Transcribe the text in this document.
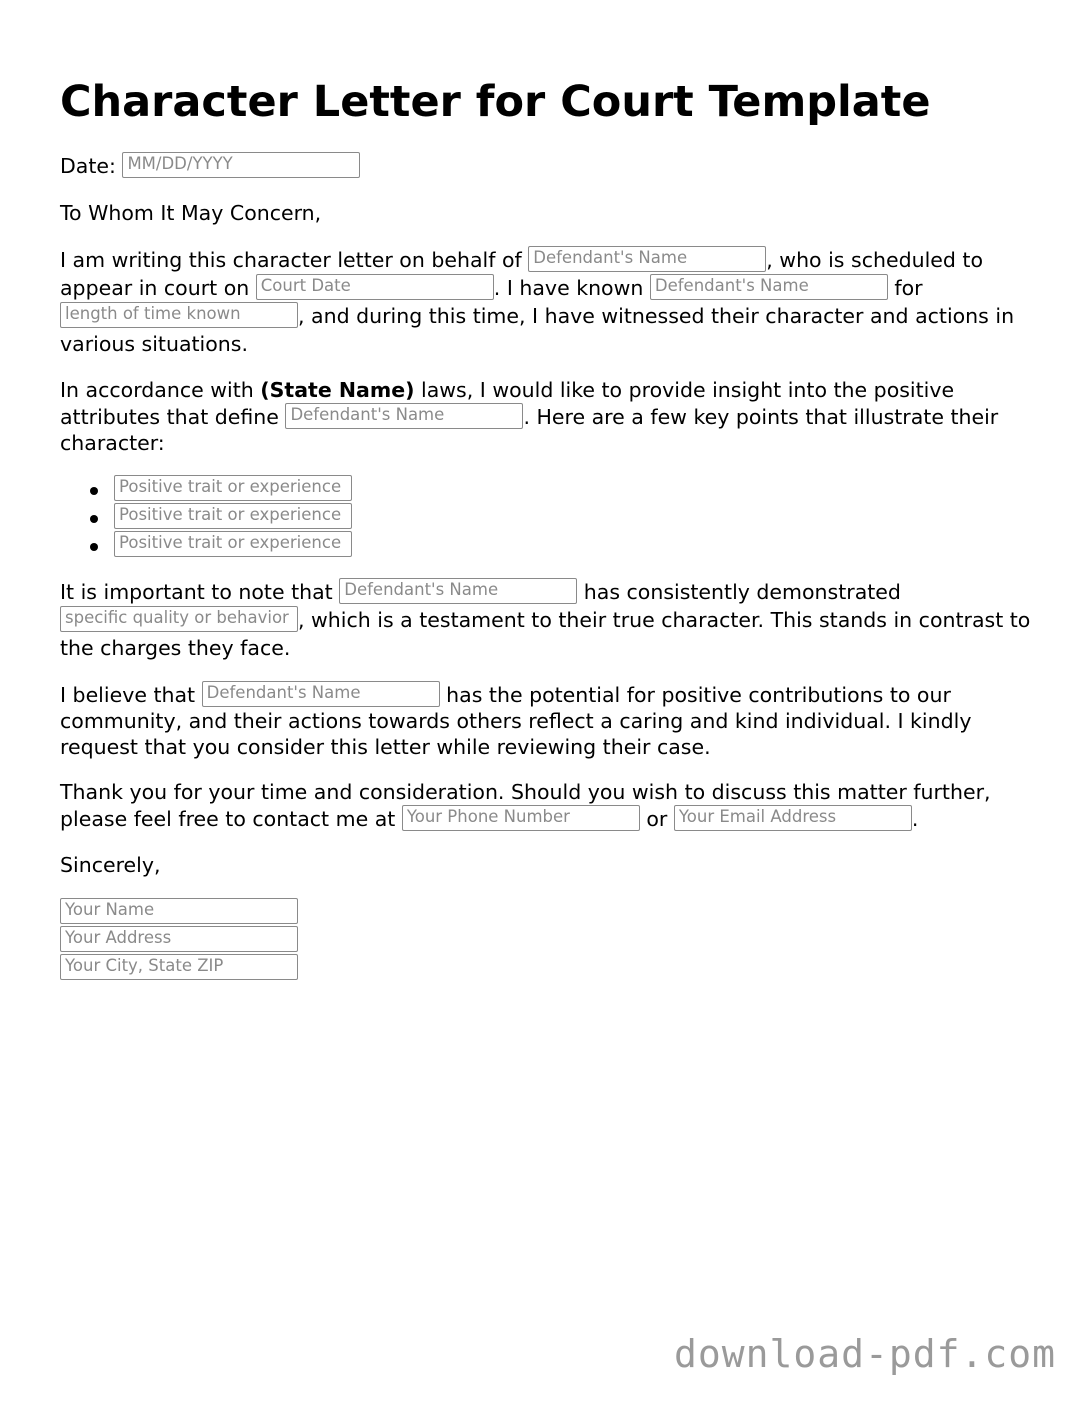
Character Letter for Court Template

Date: MM/DD/YYYY

To Whom It May Concern,

I am writing this character letter on behalf of Defendant's Name	, who is scheduled to appear in court on Court Date	. I have known Defendant's Name	for length of time known	, and during this time, I have witnessed their character and actions in various situations.

In accordance with (State Name) laws, I would like to provide insight into the positive attributes that define Defendant's Name	. Here are a few key points that illustrate their character:

Positive trait or experience
Positive trait or experience
Positive trait or experience

It is important to note that Defendant's Name	has consistently demonstrated specific quality or behavior , which is a testament to their true character. This stands in contrast to the charges they face.

I believe that Defendant's Name	has the potential for positive contributions to our community, and their actions towards others reflect a caring and kind individual. I kindly request that you consider this letter while reviewing their case.

Thank you for your time and consideration. Should you wish to discuss this matter further, please feel free to contact me at Your Phone Number	or Your Email Address	.

Sincerely,

Your Name
Your Address
Your City, State ZIP
download-pdf.com
